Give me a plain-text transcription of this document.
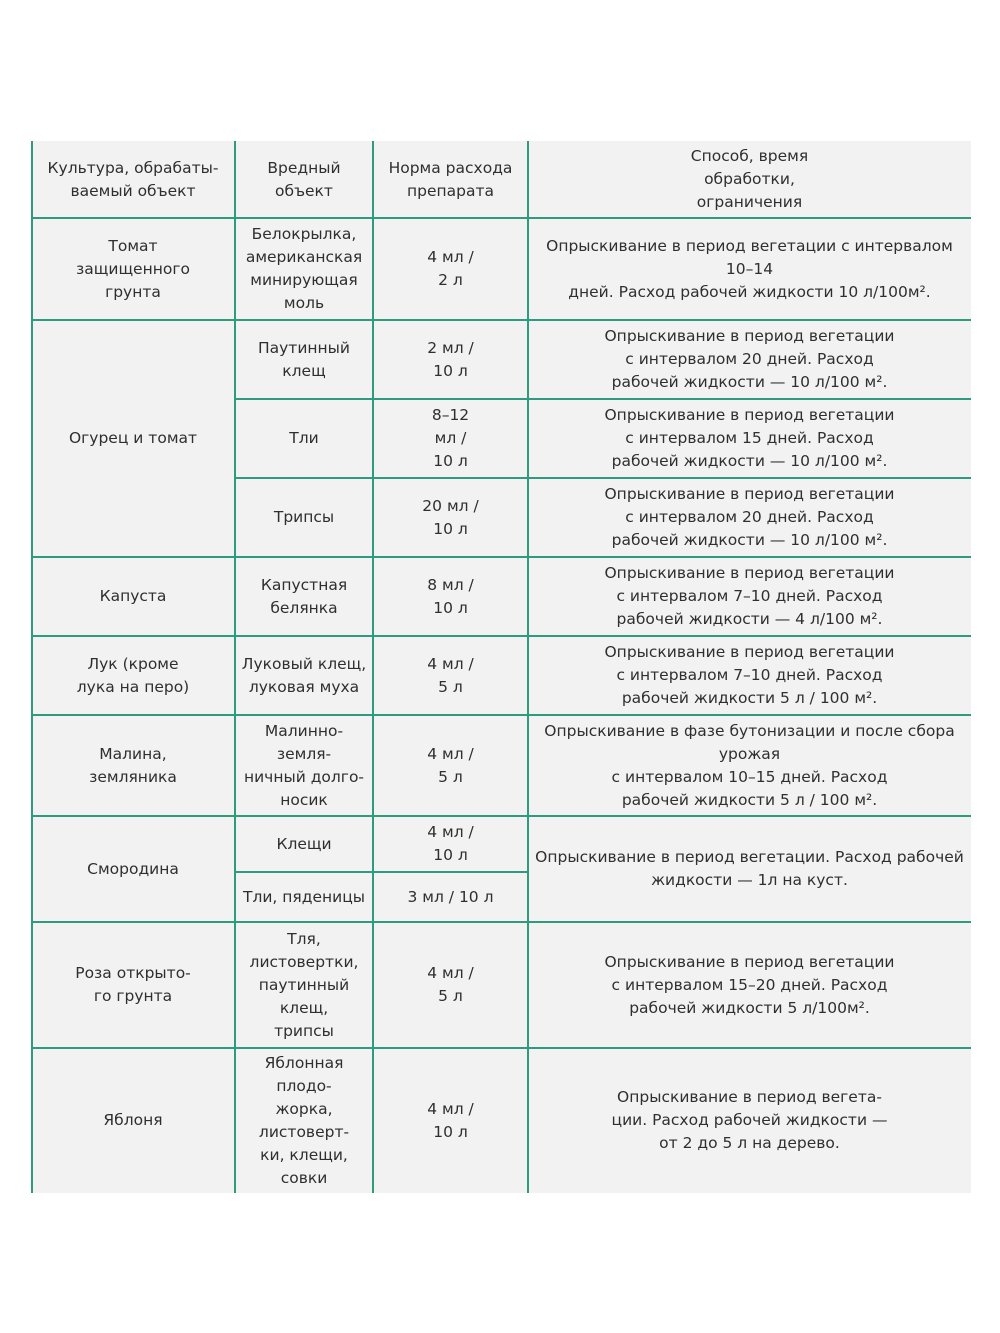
Культура, обрабаты-
ваемый объект
Вредный
объект
Норма расхода
препарата
Способ, время
обработки,
ограничения
Томат
защищенного
грунта
Огурец и томат
Капуста
Лук (кроме
лука на перо)
Малина,
земляника
Смородина
Роза открыто-
го грунта
Яблоня
Белокрылка,
американская
минирующая
моль
Паутинный
клещ
Тли
Трипсы
Капустная
белянка
Луковый клещ,
луковая муха
Малинно-
земля-
ничный долго-
носик
Клещи
Тли, пяденицы
Тля,
листовертки,
паутинный
клещ,
трипсы
Яблонная
плодо-
жорка,
листоверт-
ки, клещи,
совки
4 мл /
2 л
2 мл /
10 л
8–12
мл /
10 л
20 мл /
10 л
8 мл /
10 л
4 мл /
5 л
4 мл /
5 л
4 мл /
10 л
3 мл / 10 л
4 мл /
5 л
4 мл /
10 л
Опрыскивание в период вегетации с интервалом 10–14
дней. Расход рабочей жидкости 10 л/100м².
Опрыскивание в период вегетации
с интервалом 20 дней. Расход
рабочей жидкости — 10 л/100 м².
Опрыскивание в период вегетации
с интервалом 15 дней. Расход
рабочей жидкости — 10 л/100 м².
Опрыскивание в период вегетации
с интервалом 20 дней. Расход
рабочей жидкости — 10 л/100 м².
Опрыскивание в период вегетации
с интервалом 7–10 дней. Расход
рабочей жидкости — 4 л/100 м².
Опрыскивание в период вегетации
с интервалом 7–10 дней. Расход
рабочей жидкости 5 л / 100 м².
Опрыскивание в фазе бутонизации и после сбора
урожая
с интервалом 10–15 дней. Расход
рабочей жидкости 5 л / 100 м².
Опрыскивание в период вегетации. Расход рабочей
жидкости — 1л на куст.
Опрыскивание в период вегетации
с интервалом 15–20 дней. Расход
рабочей жидкости 5 л/100м².
Опрыскивание в период вегета-
ции. Расход рабочей жидкости —
от 2 до 5 л на дерево.
